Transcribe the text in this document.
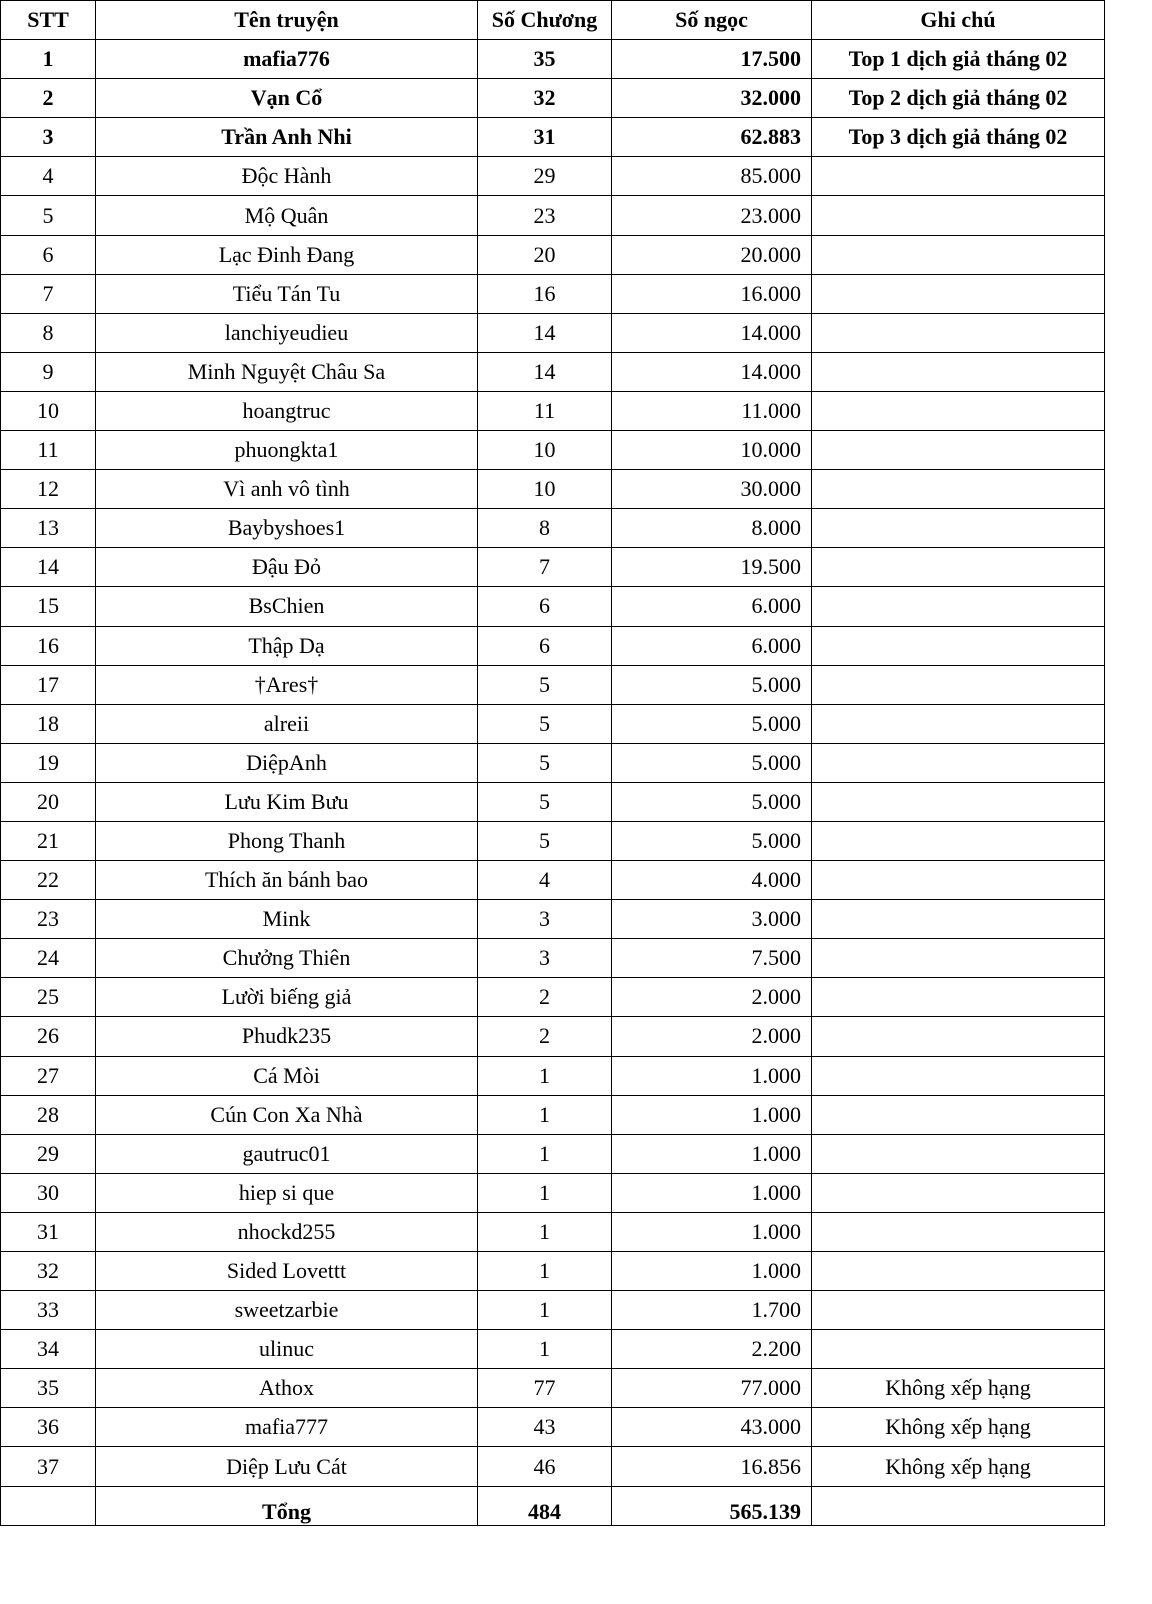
STT	Tên truyện	Số Chương	Số ngọc	Ghi chú
1	mafia776	35	17.500	Top 1 dịch giả tháng 02
2	Vạn Cổ	32	32.000	Top 2 dịch giả tháng 02
3	Trần Anh Nhi	31	62.883	Top 3 dịch giả tháng 02
4	Độc Hành	29	85.000	
5	Mộ Quân	23	23.000	
6	Lạc Đinh Đang	20	20.000	
7	Tiểu Tán Tu	16	16.000	
8	lanchiyeudieu	14	14.000	
9	Minh Nguyệt Châu Sa	14	14.000	
10	hoangtruc	11	11.000	
11	phuongkta1	10	10.000	
12	Vì anh vô tình	10	30.000	
13	Baybyshoes1	8	8.000	
14	Đậu Đỏ	7	19.500	
15	BsChien	6	6.000	
16	Thập Dạ	6	6.000	
17	†Ares†	5	5.000	
18	alreii	5	5.000	
19	DiệpAnh	5	5.000	
20	Lưu Kim Bưu	5	5.000	
21	Phong Thanh	5	5.000	
22	Thích ăn bánh bao	4	4.000	
23	Mink	3	3.000	
24	Chưởng Thiên	3	7.500	
25	Lười biếng giả	2	2.000	
26	Phudk235	2	2.000	
27	Cá Mòi	1	1.000	
28	Cún Con Xa Nhà	1	1.000	
29	gautruc01	1	1.000	
30	hiep si que	1	1.000	
31	nhockd255	1	1.000	
32	Sided Lovettt	1	1.000	
33	sweetzarbie	1	1.700	
34	ulinuc	1	2.200	
35	Athox	77	77.000	Không xếp hạng
36	mafia777	43	43.000	Không xếp hạng
37	Diệp Lưu Cát	46	16.856	Không xếp hạng
	Tổng	484	565.139	
